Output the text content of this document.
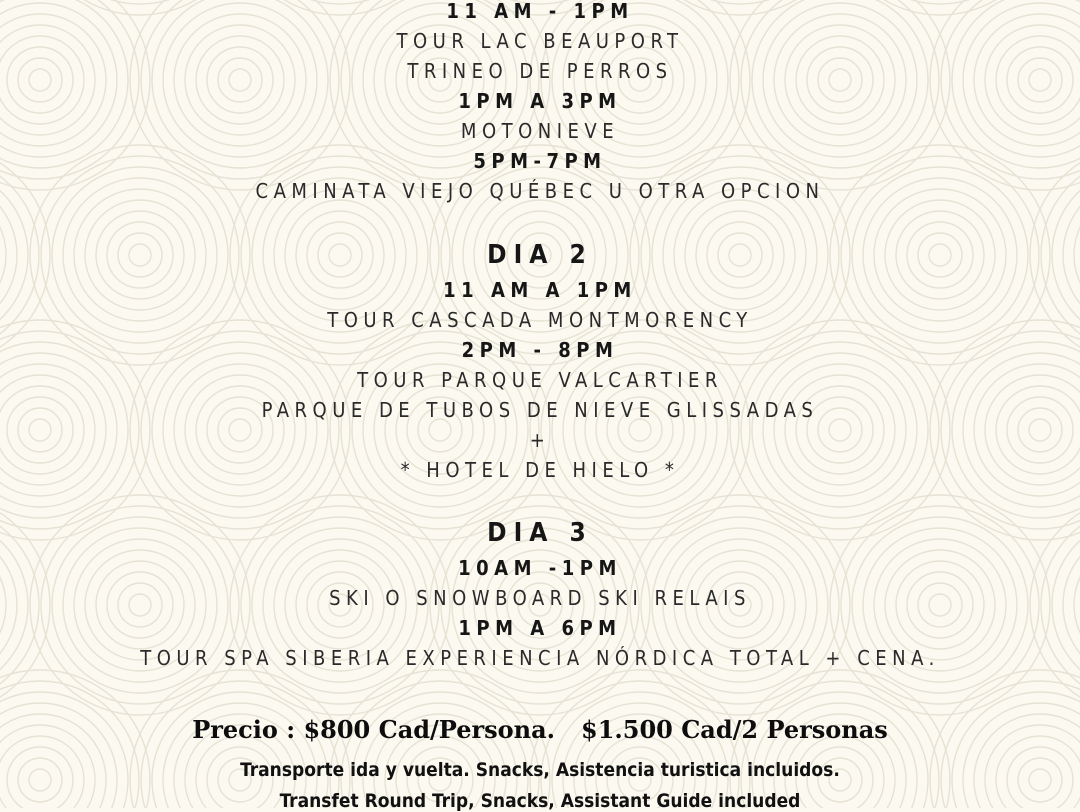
11 AM - 1PM
TOUR LAC BEAUPORT
TRINEO DE PERROS
1PM A 3PM
MOTONIEVE
5PM-7PM
CAMINATA VIEJO QUÉBEC U OTRA OPCION
DIA 2
11 AM A 1PM
TOUR CASCADA MONTMORENCY
2PM - 8PM
TOUR PARQUE VALCARTIER
PARQUE DE TUBOS DE NIEVE GLISSADAS
+
* HOTEL DE HIELO *
DIA 3
10AM -1PM
SKI O SNOWBOARD SKI RELAIS
1PM A 6PM
TOUR SPA SIBERIA EXPERIENCIA NÓRDICA TOTAL + CENA.
Precio : $800 Cad/Persona. $1.500 Cad/2 Personas
Transporte ida y vuelta. Snacks, Asistencia turistica incluidos.
Transfet Round Trip, Snacks, Assistant Guide included
